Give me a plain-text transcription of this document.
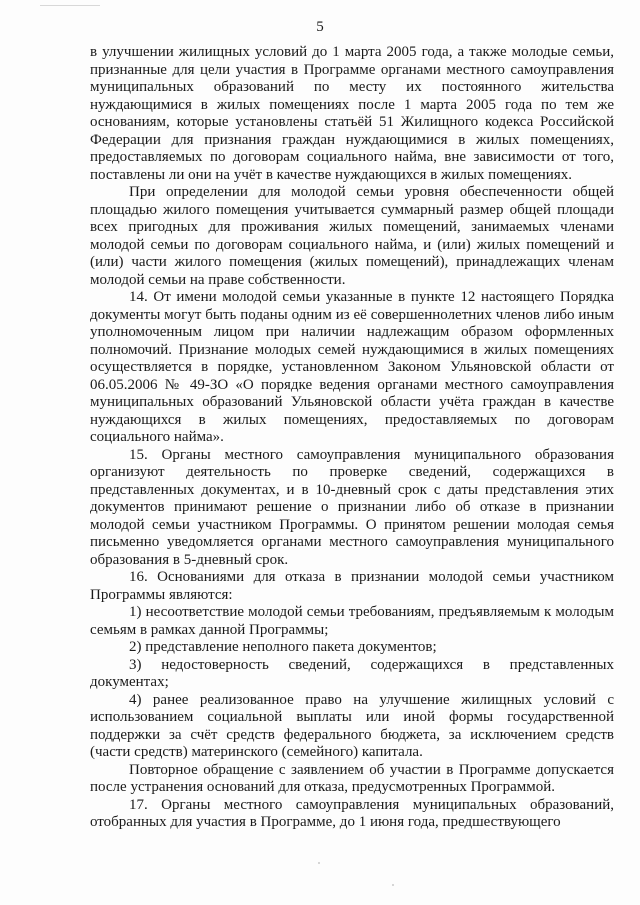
5

в улучшении жилищных условий до 1 марта 2005 года, а также молодые семьи, признанные для цели участия в Программе органами местного самоуправления муниципальных образований по месту их постоянного жительства нуждающимися в жилых помещениях после 1 марта 2005 года по тем же основаниям, которые установлены статьёй 51 Жилищного кодекса Российской Федерации для признания граждан нуждающимися в жилых помещениях, предоставляемых по договорам социального найма, вне зависимости от того, поставлены ли они на учёт в качестве нуждающихся в жилых помещениях.

При определении для молодой семьи уровня обеспеченности общей площадью жилого помещения учитывается суммарный размер общей площади всех пригодных для проживания жилых помещений, занимаемых членами молодой семьи по договорам социального найма, и (или) жилых помещений и (или) части жилого помещения (жилых помещений), принадлежащих членам молодой семьи на праве собственности.

14. От имени молодой семьи указанные в пункте 12 настоящего Порядка документы могут быть поданы одним из её совершеннолетних членов либо иным уполномоченным лицом при наличии надлежащим образом оформленных полномочий. Признание молодых семей нуждающимися в жилых помещениях осуществляется в порядке, установленном Законом Ульяновской области от 06.05.2006 № 49-ЗО «О порядке ведения органами местного самоуправления муниципальных образований Ульяновской области учёта граждан в качестве нуждающихся в жилых помещениях, предоставляемых по договорам социального найма».

15. Органы местного самоуправления муниципального образования организуют деятельность по проверке сведений, содержащихся в представленных документах, и в 10-дневный срок с даты представления этих документов принимают решение о признании либо об отказе в признании молодой семьи участником Программы. О принятом решении молодая семья письменно уведомляется органами местного самоуправления муниципального образования в 5-дневный срок.

16. Основаниями для отказа в признании молодой семьи участником Программы являются:

1) несоответствие молодой семьи требованиям, предъявляемым к молодым семьям в рамках данной Программы;

2) представление неполного пакета документов;

3) недостоверность сведений, содержащихся в представленных документах;

4) ранее реализованное право на улучшение жилищных условий с использованием социальной выплаты или иной формы государственной поддержки за счёт средств федерального бюджета, за исключением средств (части средств) материнского (семейного) капитала.

Повторное обращение с заявлением об участии в Программе допускается после устранения оснований для отказа, предусмотренных Программой.

17. Органы местного самоуправления муниципальных образований, отобранных для участия в Программе, до 1 июня года, предшествующего
